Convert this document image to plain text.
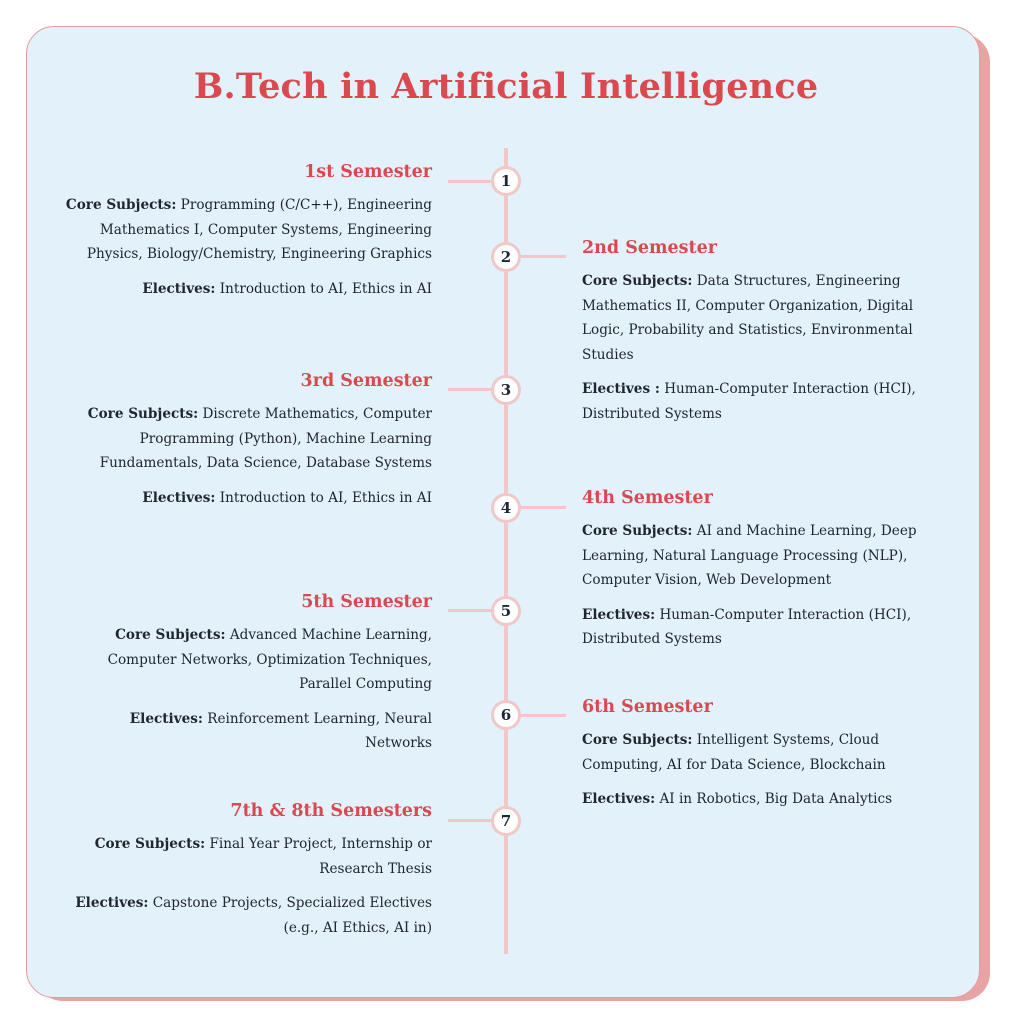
B.Tech in Artificial Intelligence
1
2
3
4
5
6
7
1st Semester

Core Subjects: Programming (C/C++), Engineering Mathematics I, Computer Systems, Engineering Physics, Biology/Chemistry, Engineering Graphics

Electives: Introduction to AI, Ethics in AI

2nd Semester

Core Subjects: Data Structures, Engineering Mathematics II, Computer Organization, Digital Logic, Probability and Statistics, Environmental Studies

Electives : Human-Computer Interaction (HCI), Distributed Systems

3rd Semester

Core Subjects: Discrete Mathematics, Computer Programming (Python), Machine Learning Fundamentals, Data Science, Database Systems

Electives: Introduction to AI, Ethics in AI	4th Semester

Core Subjects: AI and Machine Learning, Deep Learning, Natural Language Processing (NLP), Computer Vision, Web Development

Electives: Human-Computer Interaction (HCI), Distributed Systems

5th Semester

Core Subjects: Advanced Machine Learning, Computer Networks, Optimization Techniques, Parallel Computing

Electives: Reinforcement Learning, Neural Networks

6th Semester

Core Subjects: Intelligent Systems, Cloud Computing, AI for Data Science, Blockchain

Electives: AI in Robotics, Big Data Analytics

7th & 8th Semesters

Core Subjects: Final Year Project, Internship or Research Thesis

Electives: Capstone Projects, Specialized Electives (e.g., AI Ethics, AI in)
